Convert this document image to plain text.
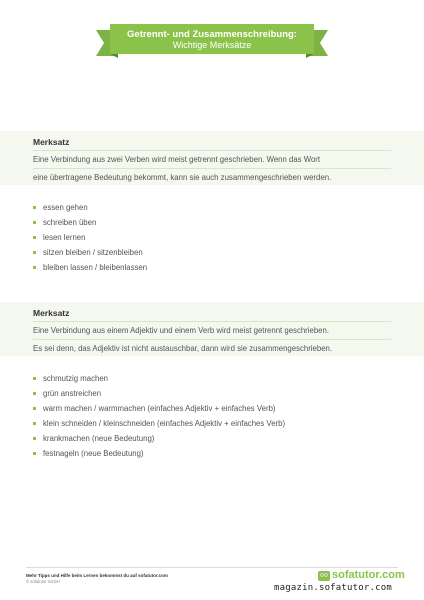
Getrennt- und Zusammenschreibung:
Wichtige Merksätze
Merksatz
Eine Verbindung aus zwei Verben wird meist getrennt geschrieben. Wenn das Wort
eine übertragene Bedeutung bekommt, kann sie auch zusammengeschrieben werden.
essen gehen
schreiben üben
lesen lernen
sitzen bleiben / sitzenbleiben
bleiben lassen / bleibenlassen
Merksatz
Eine Verbindung aus einem Adjektiv und einem Verb wird meist getrennt geschrieben.
Es sei denn, das Adjektiv ist nicht austauschbar, dann wird sie zusammengeschrieben.
schmutzig machen
grün anstreichen
warm machen / warmmachen (einfaches Adjektiv + einfaches Verb)
klein schneiden / kleinschneiden (einfaches Adjektiv + einfaches Verb)
krankmachen (neue Bedeutung)
festnageln (neue Bedeutung)
Mehr Tipps und Hilfe beim Lernen bekommst du auf sofatutor.com
© sofatutor GmbH
sofatutor.com
magazin.sofatutor.com
